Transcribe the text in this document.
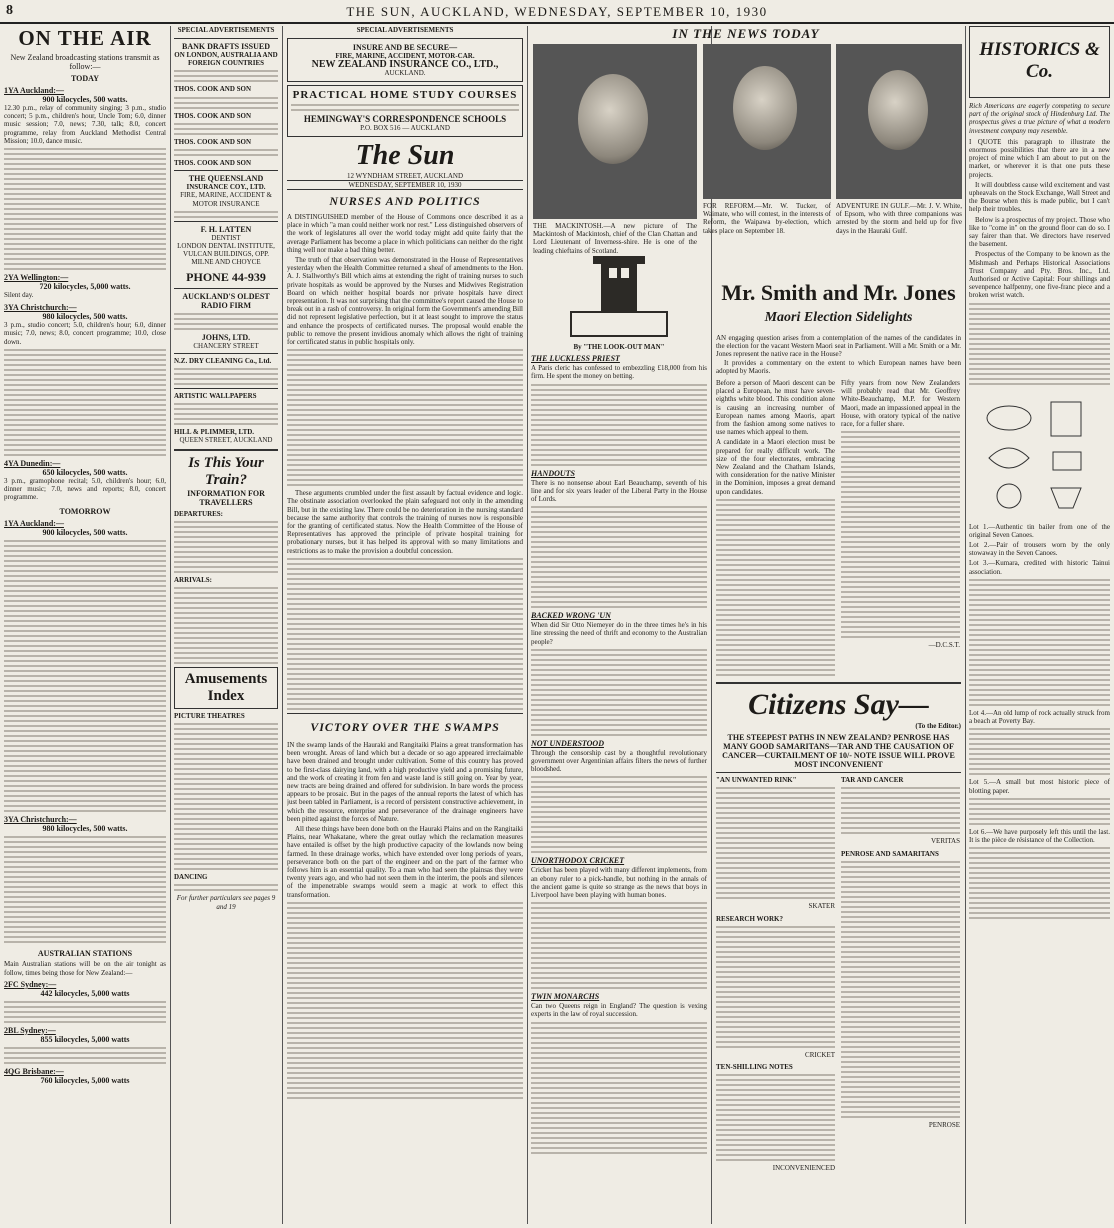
8	THE SUN, AUCKLAND, WEDNESDAY, SEPTEMBER 10, 1930
ON THE AIR
New Zealand broadcasting stations transmit as follow:—
TODAY
1YA Auckland:—
900 kilocycles, 500 watts.
12.30 p.m., relay of community singing; 3 p.m., studio concert; 5 p.m., children's hour, Uncle Tom; 6.0, dinner music session; 7.0, news; 7.30, talk; 8.0, concert programme, relay from Auckland Methodist Central Mission; 10.0, dance music.
2YA Wellington:—
720 kilocycles, 5,000 watts.
Silent day.
3YA Christchurch:—
980 kilocycles, 500 watts.
3 p.m., studio concert; 5.0, children's hour; 6.0, dinner music; 7.0, news; 8.0, concert programme; 10.0, close down.
4YA Dunedin:—
650 kilocycles, 500 watts.
3 p.m., gramophone recital; 5.0, children's hour; 6.0, dinner music; 7.0, news and reports; 8.0, concert programme.
TOMORROW
1YA Auckland:—
900 kilocycles, 500 watts.
3YA Christchurch:—
980 kilocycles, 500 watts.
AUSTRALIAN STATIONS
Main Australian stations will be on the air tonight as follow, times being those for New Zealand:—
2FC Sydney:—
442 kilocycles, 5,000 watts
2BL Sydney:—
855 kilocycles, 5,000 watts
4QG Brisbane:—
760 kilocycles, 5,000 watts
SPECIAL ADVERTISEMENTS
BANK DRAFTS ISSUED
ON LONDON, AUSTRALIA AND FOREIGN COUNTRIES
THOS. COOK AND SON
THOS. COOK AND SON
THOS. COOK AND SON
THOS. COOK AND SON
THE QUEENSLAND
INSURANCE COY., LTD.
FIRE, MARINE, ACCIDENT & MOTOR INSURANCE
F. H. LATTEN
DENTIST
LONDON DENTAL INSTITUTE, VULCAN BUILDINGS, OPP. MILNE AND CHOYCE
PHONE 44-939
AUCKLAND'S OLDEST RADIO FIRM
JOHNS, LTD.
CHANCERY STREET
N.Z. DRY CLEANING Co., Ltd.
ARTISTIC WALLPAPERS
HILL & PLIMMER, LTD.
QUEEN STREET, AUCKLAND
Is This Your Train?
INFORMATION FOR TRAVELLERS
DEPARTURES:
ARRIVALS:
Amusements Index
PICTURE THEATRES
DANCING
For further particulars see pages 9 and 19
SPECIAL ADVERTISEMENTS
INSURE AND BE SECURE—
FIRE, MARINE, ACCIDENT, MOTOR-CAR.
NEW ZEALAND INSURANCE CO., LTD.,
AUCKLAND.
PRACTICAL HOME STUDY COURSES
HEMINGWAY'S CORRESPONDENCE SCHOOLS
P.O. BOX 516 — AUCKLAND
The Sun
12 WYNDHAM STREET, AUCKLAND
WEDNESDAY, SEPTEMBER 10, 1930
NURSES AND POLITICS
A DISTINGUISHED member of the House of Commons once described it as a place in which "a man could neither work nor rest." Less distinguished observers of the work of legislatures all over the world today might add quite fairly that the average Parliament has become a place in which politicians can neither do the right thing well nor make a bad thing better.
The truth of that observation was demonstrated in the House of Representatives yesterday when the Health Committee returned a sheaf of amendments to the Hon. A. J. Stallworthy's Bill which aims at extending the right of training nurses to such private hospitals as would be approved by the Nurses and Midwives Registration Board on which neither hospital boards nor private hospitals have direct representation. It was not surprising that the committee's report caused the House to break out in a rash of controversy. In original form the Government's amending Bill did not represent legislative perfection, but it at least sought to improve the status and enhance the prospects of certificated nurses. The proposal would enable the public to remove the present invidious anomaly which allows the right of training for certificated status in public hospitals only.
These arguments crumbled under the first assault by factual evidence and logic. The obstinate association overlooked the plain safeguard not only in the amending Bill, but in the existing law. There could be no deterioration in the nursing standard because the same authority that controls the training of nurses now is responsible for the granting of certificated status. Now the Health Committee of the House of Representatives has approved the principle of private hospital training for probationary nurses, but it has helped its approval with so many limitations and restrictions as to make the provision a doubtful concession.
VICTORY OVER THE SWAMPS
IN the swamp lands of the Hauraki and Rangitaiki Plains a great transformation has been wrought. Areas of land which but a decade or so ago appeared irreclaimable have been drained and brought under cultivation. Some of this country has proved to be first-class dairying land, with a high productive yield and a promising future, and the work of creating it from fen and waste land is still going on. Year by year, new tracts are being drained and offered for subdivision. In bare words the process appears to be prosaic. But in the pages of the annual reports the latest of which has just been tabled in Parliament, is a record of persistent constructive achievement, in which the resource, enterprise and perseverance of the drainage engineers have been pitted against the forces of Nature.
All these things have been done both on the Hauraki Plains and on the Rangitaiki Plains, near Whakatane, where the great outlay which the reclamation measures have entailed is offset by the high productive capacity of the lowlands now being farmed. In these drainage works, which have extended over long periods of years, perseverance both on the part of the engineer and on the part of the farmer who follows him is an essential quality. To a man who had seen the plainsas they were twenty years ago, and who had not seen them in the interim, the pools and silences of the impenetrable swamps would seem a magic at work to effect this transformation.
IN THE NEWS TODAY
THE MACKINTOSH.—A new picture of The Mackintosh of Mackintosh, chief of the Clan Chattan and Lord Lieutenant of Inverness-shire. He is one of the leading chieftains of Scotland.
FOR REFORM.—Mr. W. Tucker, of Waimate, who will contest, in the interests of Reform, the Waipawa by-election, which takes place on September 18.
ADVENTURE IN GULF.—Mr. J. V. White, of Epsom, who with three companions was arrested by the storm and held up for five days in the Hauraki Gulf.
By "THE LOOK-OUT MAN"
THE LUCKLESS PRIEST
A Paris cleric has confessed to embezzling £18,000 from his firm. He spent the money on betting.
HANDOUTS
There is no nonsense about Earl Beauchamp, seventh of his line and for six years leader of the Liberal Party in the House of Lords.
BACKED WRONG 'UN
When did Sir Otto Niemeyer do in the three times he's in his line stressing the need of thrift and economy to the Australian people?
NOT UNDERSTOOD
Through the censorship cast by a thoughtful revolutionary government over Argentinian affairs filters the news of further bloodshed.
UNORTHODOX CRICKET
Cricket has been played with many different implements, from an ebony ruler to a pick-handle, but nothing in the annals of the ancient game is quite so strange as the news that boys in Liverpool have been playing with human bones.
TWIN MONARCHS
Can two Queens reign in England? The question is vexing experts in the law of royal succession.
Mr. Smith and Mr. Jones
Maori Election Sidelights
AN engaging question arises from a contemplation of the names of the candidates in the election for the vacant Western Maori seat in Parliament. Will a Mr. Smith or a Mr. Jones represent the native race in the House?
It provides a commentary on the extent to which European names have been adopted by Maoris.
Before a person of Maori descent can be placed a European, he must have seven-eighths white blood. This condition alone is causing an increasing number of European names among Maoris, apart from the fashion among some natives to use names which appeal to them.
A candidate in a Maori election must be prepared for really difficult work. The size of the four electorates, embracing New Zealand and the Chatham Islands, with consideration for the native Minister in the Dominion, imposes a great demand upon candidates.
Fifty years from now New Zealanders will probably read that Mr. Geoffrey White-Beauchamp, M.P. for Western Maori, made an impassioned appeal in the House, with oratory typical of the native race, for a fuller share.
—D.C.S.T.
Citizens Say—
(To the Editor.)
THE STEEPEST PATHS IN NEW ZEALAND? PENROSE HAS MANY GOOD SAMARITANS—TAR AND THE CAUSATION OF CANCER—CURTAILMENT OF 10/- NOTE ISSUE WILL PROVE MOST INCONVENIENT
"AN UNWANTED RINK"
SKATER
RESEARCH WORK?
CRICKET
TEN-SHILLING NOTES
INCONVENIENCED
TAR AND CANCER
VERITAS
PENROSE AND SAMARITANS
PENROSE
HISTORICS & Co.
Rich Americans are eagerly competing to secure part of the original stock of Hindenburg Ltd. The prospectus gives a true picture of what a modern investment company may resemble.
I QUOTE this paragraph to illustrate the enormous possibilities that there are in a new project of mine which I am about to put on the market, or wherever it is that one puts these projects.
It will doubtless cause wild excitement and vast upheavals on the Stock Exchange, Wall Street and the Bourse when this is made public, but I can't help their troubles.
Below is a prospectus of my project. Those who like to "come in" on the ground floor can do so. I say fairer than that. We directors have reserved the basement.
Prospectus of the Company to be known as the Mishmash and Perhaps Historical Associations Trust Company and Pty. Bros. Inc., Ltd. Authorised or Active Capital: Four shillings and sevenpence halfpenny, one five-franc piece and a broken wrist watch.
Lot 1.—Authentic tin bailer from one of the original Seven Canoes.
Lot 2.—Pair of trousers worn by the only stowaway in the Seven Canoes.
Lot 3.—Kumara, credited with historic Tainui association.
Lot 4.—An old lump of rock actually struck from a beach at Poverty Bay.
Lot 5.—A small but most historic piece of blotting paper.
Lot 6.—We have purposely left this until the last. It is the pièce de résistance of the Collection.
